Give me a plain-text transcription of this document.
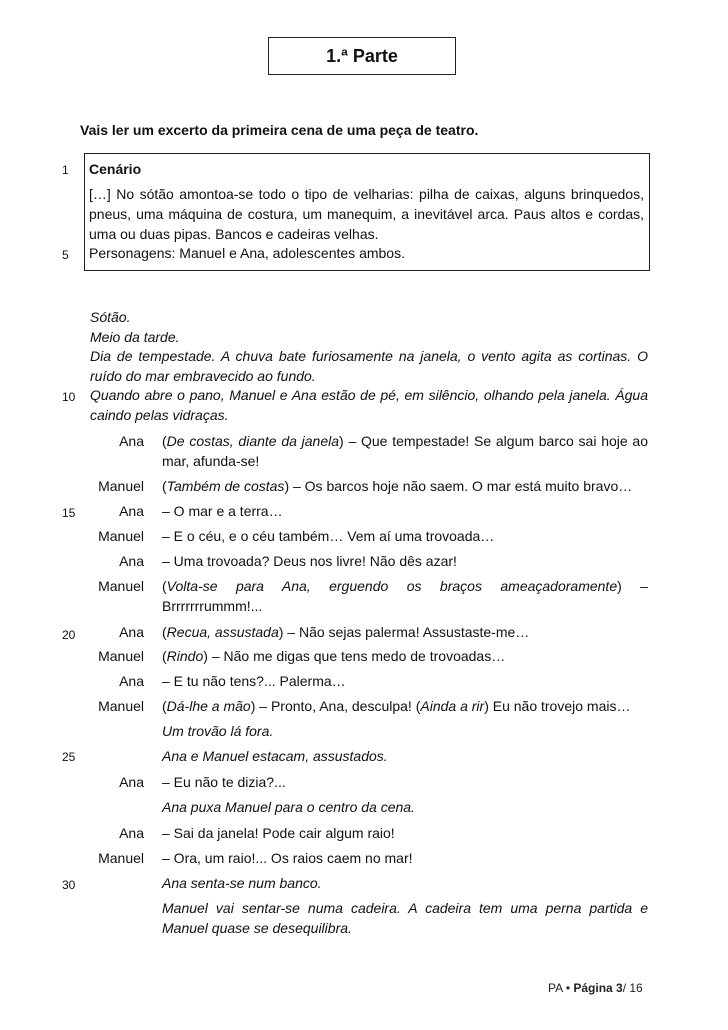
1.ª Parte
Vais ler um excerto da primeira cena de uma peça de teatro.
Cenário
[…] No sótão amontoa-se todo o tipo de velharias: pilha de caixas, alguns brinquedos, pneus, uma máquina de costura, um manequim, a inevitável arca. Paus altos e cordas, uma ou duas pipas. Bancos e cadeiras velhas.
Personagens: Manuel e Ana, adolescentes ambos.
1
5
10
15
20
25
30
Sótão.
Meio da tarde.
Dia de tempestade. A chuva bate furiosamente na janela, o vento agita as cortinas. O ruído do mar embravecido ao fundo.
Quando abre o pano, Manuel e Ana estão de pé, em silêncio, olhando pela janela. Água caindo pelas vidraças.
Ana (De costas, diante da janela) – Que tempestade! Se algum barco sai hoje ao mar, afunda-se!
Manuel (Também de costas) – Os barcos hoje não saem. O mar está muito bravo…
Ana – O mar e a terra…
Manuel – E o céu, e o céu também… Vem aí uma trovoada…
Ana – Uma trovoada? Deus nos livre! Não dês azar!
Manuel (Volta-se para Ana, erguendo os braços ameaçadoramente) – Brrrrrrrummm!...
Ana (Recua, assustada) – Não sejas palerma! Assustaste-me…
Manuel (Rindo) – Não me digas que tens medo de trovoadas…
Ana – E tu não tens?... Palerma…
Manuel (Dá-lhe a mão) – Pronto, Ana, desculpa! (Ainda a rir) Eu não trovejo mais…
Um trovão lá fora.
Ana e Manuel estacam, assustados.
Ana – Eu não te dizia?...
Ana puxa Manuel para o centro da cena.
Ana – Sai da janela! Pode cair algum raio!
Manuel – Ora, um raio!... Os raios caem no mar!
Ana senta-se num banco.
Manuel vai sentar-se numa cadeira. A cadeira tem uma perna partida e Manuel quase se desequilibra.
PA • Página 3/ 16
